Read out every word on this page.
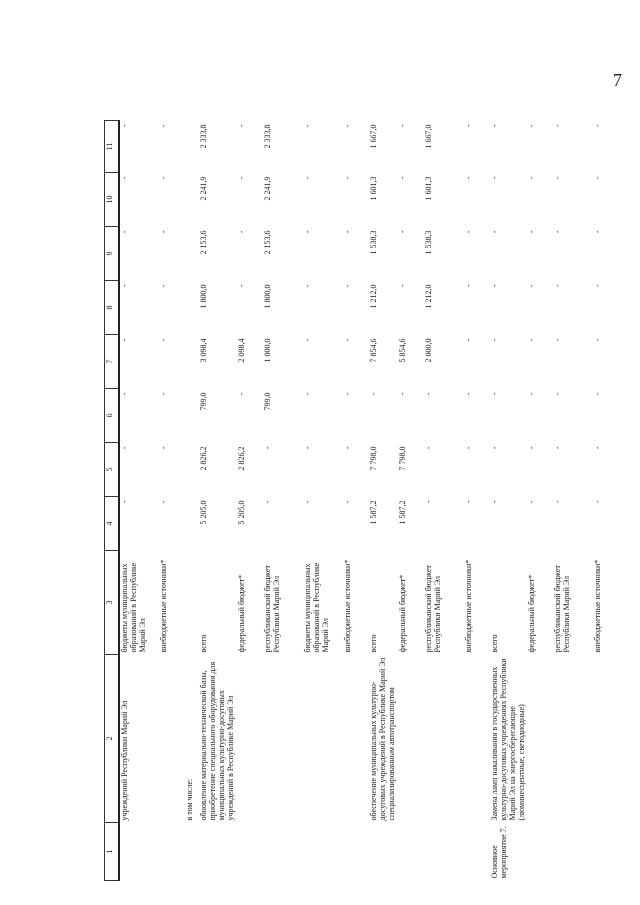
7
1	2	3	4	5	6	7	8	9	10	11
	учреждений Республики Марий Эл	бюджеты муниципальных образований в Республике Марий Эл	-	-	-	-	-	-	-	-
		внебюджетные источники*	-	-	-	-	-	-	-	-
	в том числе:									
	обновление материально-технической базы, приобретение специального оборудования для муниципальных культурно-досуговых учреждений в Республике Марий Эл	всего	5 205,0	2 826,2	799,0	3 098,4	1 800,0	2 153,6	2 241,9	2 333,8
		федеральный бюджет*	5 205,0	2 826,2	-	2 098,4	-	-	-	-
		республиканский бюджет Республики Марий Эл	-	-	799,0	1 000,0	1 800,0	2 153,6	2 241,9	2 333,8
		бюджеты муниципальных образований в Республике Марий Эл	-	-	-	-	-	-	-	-
		внебюджетные источники*	-	-	-	-	-	-	-	-
	обеспечение муниципальных культурно-досуговых учреждений в Республике Марий Эл специализированным автотранспортом	всего	1 587,2	7 798,0	-	7 854,6	1 212,0	1 538,3	1 601,3	1 667,0
		федеральный бюджет*	1 587,2	7 798,0	-	5 854,6	-	-	-	-
		республиканский бюджет Республики Марий Эл	-	-	-	2 000,0	1 212,0	1 538,3	1 601,3	1 667,0
		внебюджетные источники*	-	-	-	-	-	-	-	-
Основное мероприятие 7.	Замена ламп накаливания в государственных культурно-досуговых учреждениях Республики Марий Эл на энергосберегающие (люминесцентные, светодиодные)	всего	-	-	-	-	-	-	-	-
		федеральный бюджет*	-	-	-	-	-	-	-	-
		республиканский бюджет Республики Марий Эл	-	-	-	-	-	-	-	-
		внебюджетные источники*	-	-	-	-	-	-	-	-
